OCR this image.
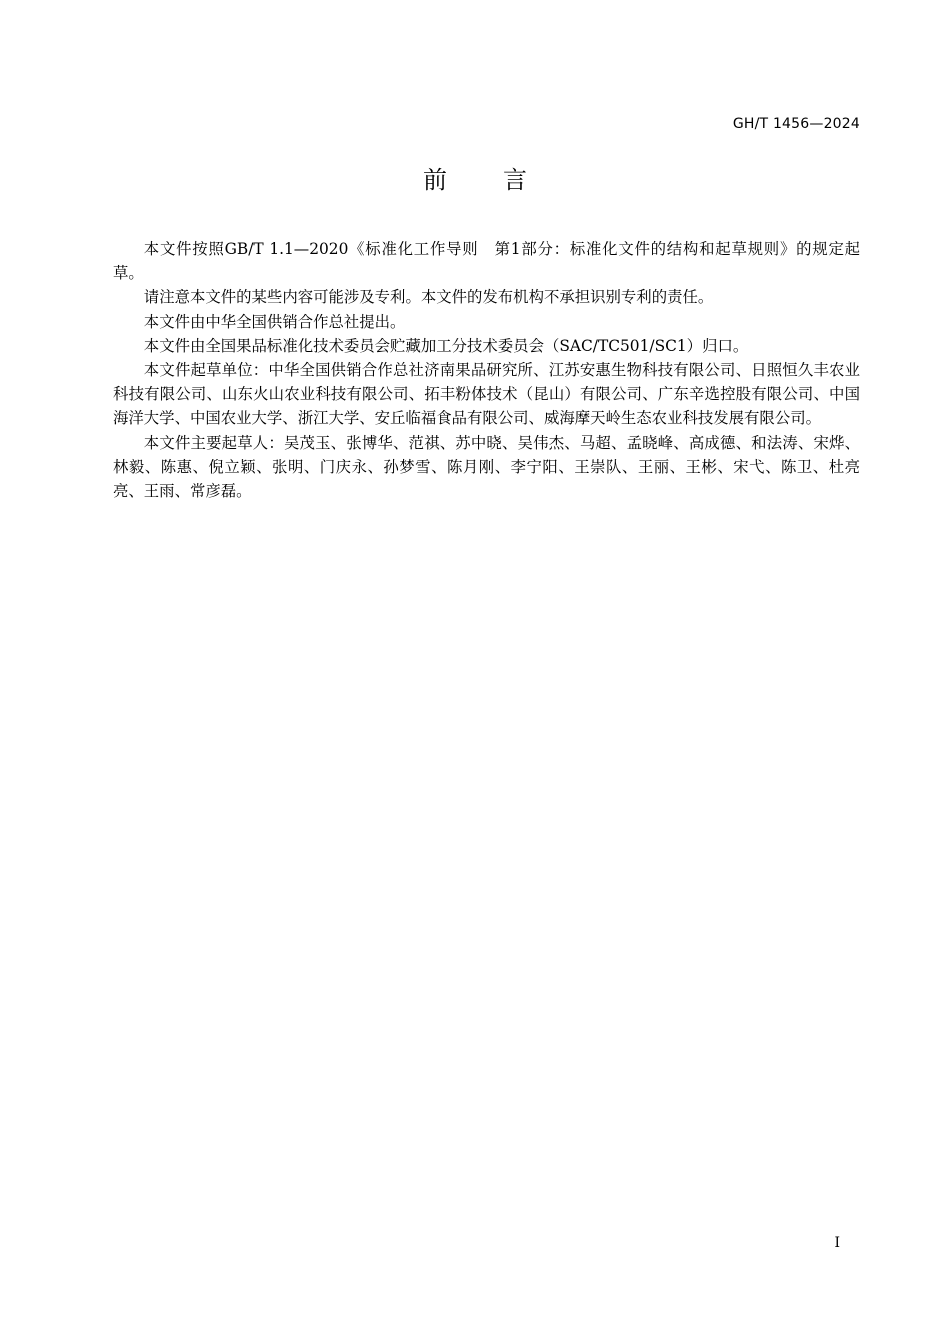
GH/T 1456—2024
前言

本文件按照GB/T 1.1—2020《标准化工作导则　第1部分：标准化文件的结构和起草规则》的规定起草。

请注意本文件的某些内容可能涉及专利。本文件的发布机构不承担识别专利的责任。

本文件由中华全国供销合作总社提出。

本文件由全国果品标准化技术委员会贮藏加工分技术委员会（SAC/TC501/SC1）归口。

本文件起草单位：中华全国供销合作总社济南果品研究所、江苏安惠生物科技有限公司、日照恒久丰农业科技有限公司、山东火山农业科技有限公司、拓丰粉体技术（昆山）有限公司、广东辛选控股有限公司、中国海洋大学、中国农业大学、浙江大学、安丘临福食品有限公司、威海摩天岭生态农业科技发展有限公司。

本文件主要起草人：吴茂玉、张博华、范祺、苏中晓、吴伟杰、马超、孟晓峰、高成德、和法涛、宋烨、林毅、陈惠、倪立颖、张明、门庆永、孙梦雪、陈月刚、李宁阳、王崇队、王丽、王彬、宋弋、陈卫、杜亮亮、王雨、常彦磊。

I
